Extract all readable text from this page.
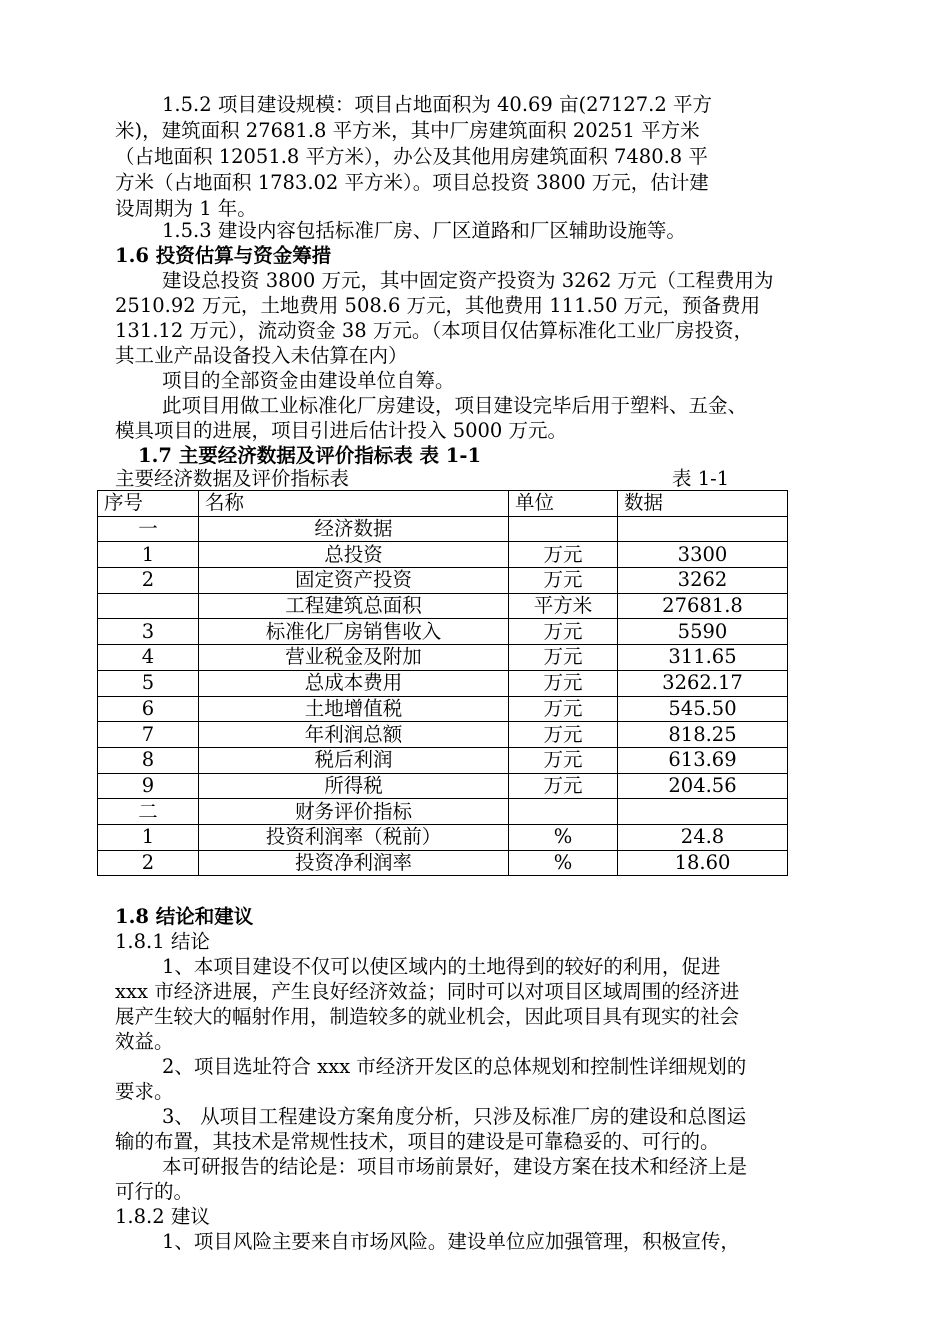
1.5.2 项目建设规模：项目占地面积为 40.69 亩(27127.2 平方
米)，建筑面积 27681.8 平方米，其中厂房建筑面积 20251 平方米
（占地面积 12051.8 平方米），办公及其他用房建筑面积 7480.8 平
方米（占地面积 1783.02 平方米）。项目总投资 3800 万元，估计建
设周期为 1 年。
1.5.3 建设内容包括标准厂房、厂区道路和厂区辅助设施等。
1.6 投资估算与资金筹措
建设总投资 3800 万元，其中固定资产投资为 3262 万元（工程费用为
2510.92 万元，土地费用 508.6 万元，其他费用 111.50 万元，预备费用
131.12 万元），流动资金 38 万元。（本项目仅估算标准化工业厂房投资，
其工业产品设备投入未估算在内）
项目的全部资金由建设单位自筹。
此项目用做工业标准化厂房建设，项目建设完毕后用于塑料、五金、
模具项目的进展，项目引进后估计投入 5000 万元。
1.7 主要经济数据及评价指标表 表 1-1
主要经济数据及评价指标表	表 1-1
序号	名称	单位	数据
一	经济数据		
1	总投资	万元	3300
2	固定资产投资	万元	3262
	工程建筑总面积	平方米	27681.8
3	标准化厂房销售收入	万元	5590
4	营业税金及附加	万元	311.65
5	总成本费用	万元	3262.17
6	土地增值税	万元	545.50
7	年利润总额	万元	818.25
8	税后利润	万元	613.69
9	所得税	万元	204.56
二	财务评价指标		
1	投资利润率（税前）	%	24.8
2	投资净利润率	%	18.60
1.8 结论和建议
1.8.1 结论
1、本项目建设不仅可以使区域内的土地得到的较好的利用，促进
xxx 市经济进展，产生良好经济效益；同时可以对项目区域周围的经济进
展产生较大的幅射作用，制造较多的就业机会，因此项目具有现实的社会
效益。
2、项目选址符合 xxx 市经济开发区的总体规划和控制性详细规划的
要求。
3、 从项目工程建设方案角度分析，只涉及标准厂房的建设和总图运
输的布置，其技术是常规性技术，项目的建设是可靠稳妥的、可行的。
本可研报告的结论是：项目市场前景好，建设方案在技术和经济上是
可行的。
1.8.2 建议
1、项目风险主要来自市场风险。建设单位应加强管理，积极宣传，
